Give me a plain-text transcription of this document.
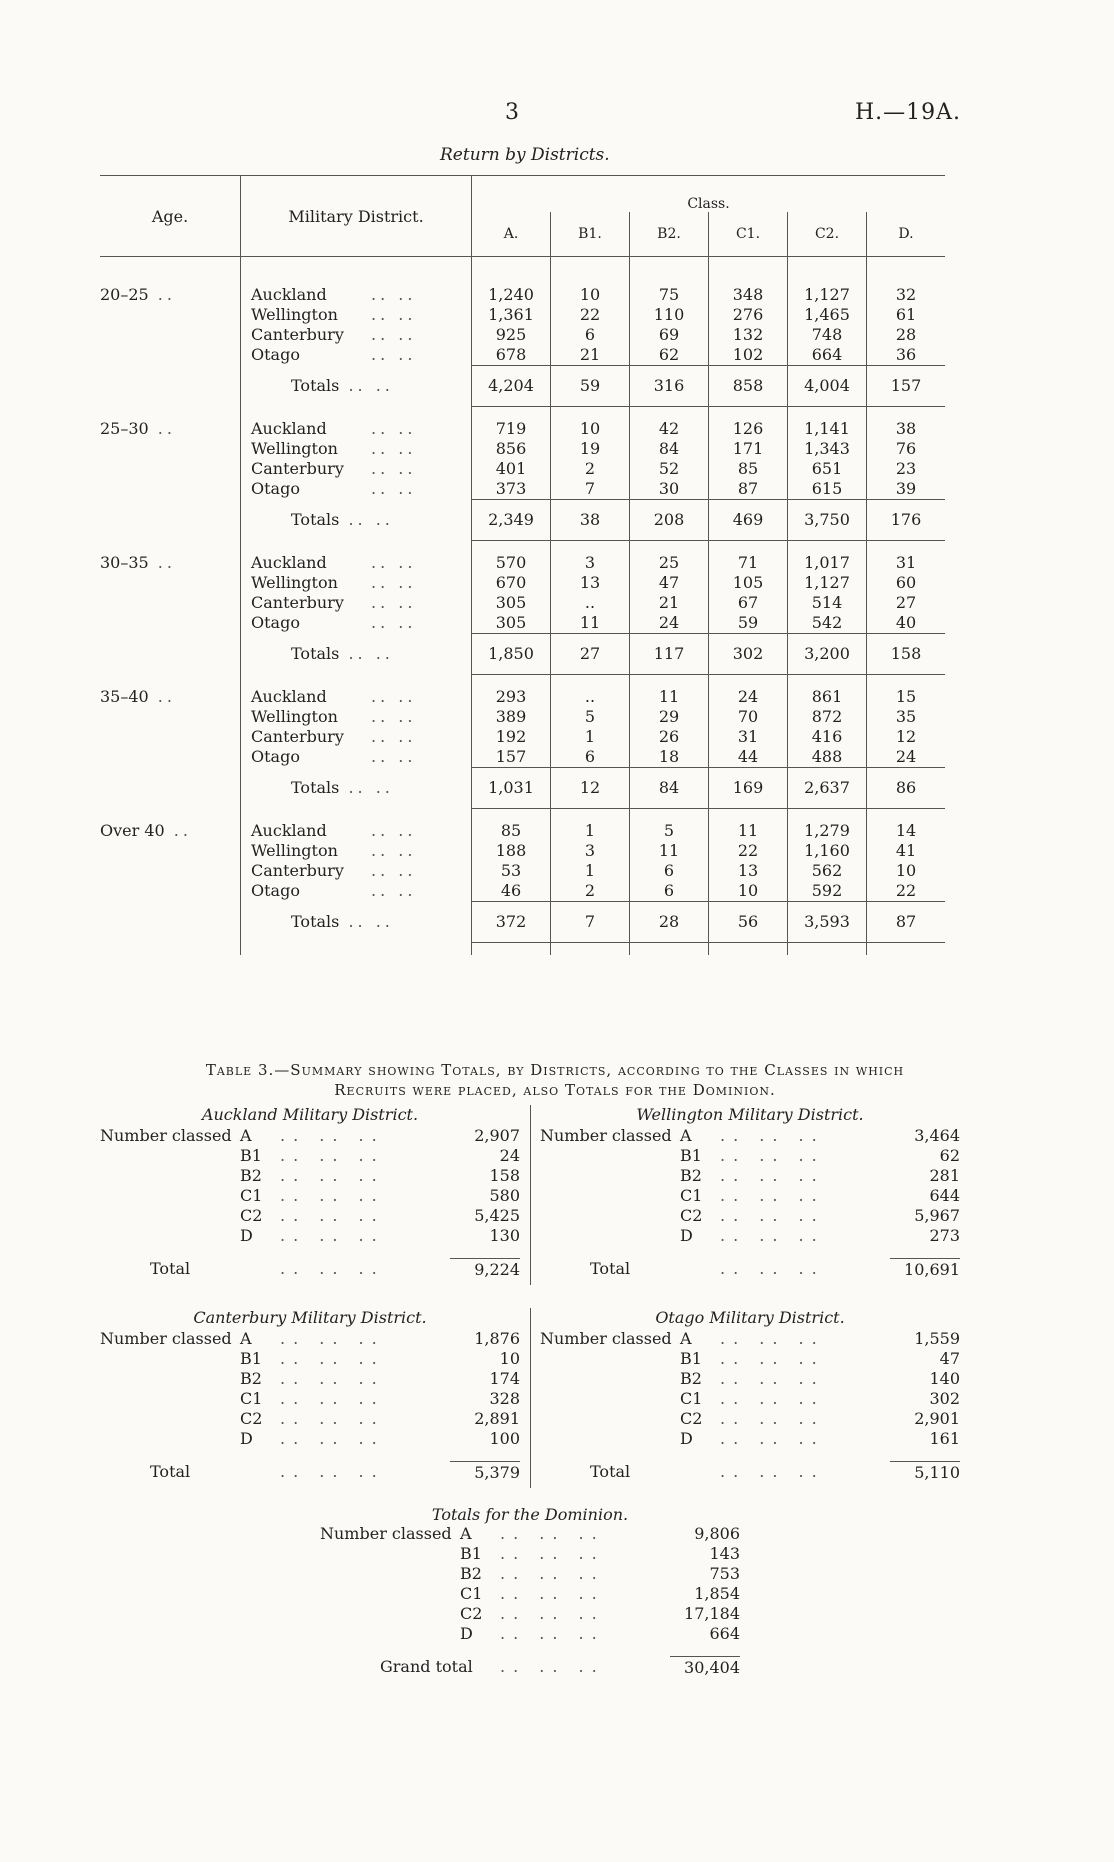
3	H.—19A.
Return by Districts.
Age.	Military District.	Class.					
		A.	B1.	B2.	C1.	C2.	D.

20–25 ..	Auckland .. ..	1,240	10	75	348	1,127	32
	Wellington .. ..	1,361	22	110	276	1,465	61
	Canterbury .. ..	925	6	69	132	748	28
	Otago .. ..	678	21	62	102	664	36
	Totals .. ..	4,204	59	316	858	4,004	157

25–30 ..	Auckland .. ..	719	10	42	126	1,141	38
	Wellington .. ..	856	19	84	171	1,343	76
	Canterbury .. ..	401	2	52	85	651	23
	Otago .. ..	373	7	30	87	615	39
	Totals .. ..	2,349	38	208	469	3,750	176

30–35 ..	Auckland .. ..	570	3	25	71	1,017	31
	Wellington .. ..	670	13	47	105	1,127	60
	Canterbury .. ..	305	..	21	67	514	27
	Otago .. ..	305	11	24	59	542	40
	Totals .. ..	1,850	27	117	302	3,200	158

35–40 ..	Auckland .. ..	293	..	11	24	861	15
	Wellington .. ..	389	5	29	70	872	35
	Canterbury .. ..	192	1	26	31	416	12
	Otago .. ..	157	6	18	44	488	24
	Totals .. ..	1,031	12	84	169	2,637	86

Over 40 ..	Auckland .. ..	85	1	5	11	1,279	14
	Wellington .. ..	188	3	11	22	1,160	41
	Canterbury .. ..	53	1	6	13	562	10
	Otago .. ..	46	2	6	10	592	22
	Totals .. ..	372	7	28	56	3,593	87

Table 3.—Summary showing Totals, by Districts, according to the Classes in which
Recruits were placed, also Totals for the Dominion.
Auckland Military District.
Number classed A	.. .. ..	2,907
B1	.. .. ..	24
B2	.. .. ..	158
C1	.. .. ..	580
C2	.. .. ..	5,425
D	.. .. ..	130
Total	.. .. ..	9,224
Wellington Military District.
Number classed A	.. .. ..	3,464
B1	.. .. ..	62
B2	.. .. ..	281
C1	.. .. ..	644
C2	.. .. ..	5,967
D	.. .. ..	273
Total	.. .. ..	10,691
Canterbury Military District.
Number classed A	.. .. ..	1,876
B1	.. .. ..	10
B2	.. .. ..	174
C1	.. .. ..	328
C2	.. .. ..	2,891
D	.. .. ..	100
Total	.. .. ..	5,379
Otago Military District.
Number classed A	.. .. ..	1,559
B1	.. .. ..	47
B2	.. .. ..	140
C1	.. .. ..	302
C2	.. .. ..	2,901
D	.. .. ..	161
Total	.. .. ..	5,110
Totals for the Dominion.
Number classed A	.. .. ..	9,806
B1	.. .. ..	143
B2	.. .. ..	753
C1	.. .. ..	1,854
C2	.. .. ..	17,184
D	.. .. ..	664
Grand total	.. .. ..	30,404
